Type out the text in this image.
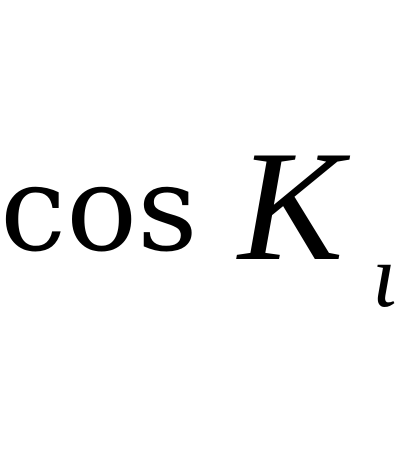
cos K ι
